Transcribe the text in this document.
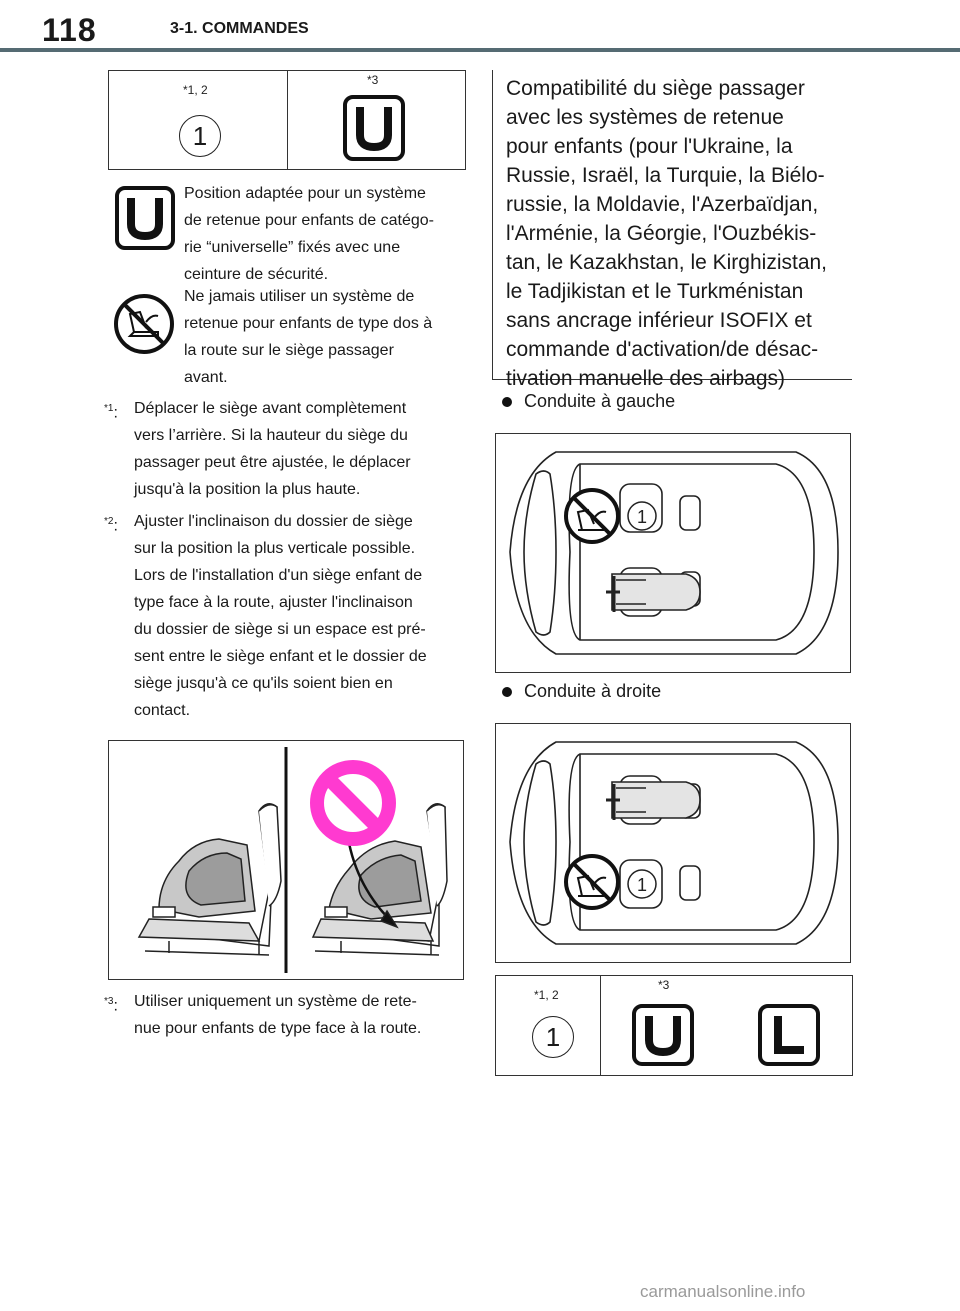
118	3-1. COMMANDES
*1, 2
*3
1
Position adaptée pour un système
de retenue pour enfants de catégo-
rie “universelle” fixés avec une
ceinture de sécurité.
Ne jamais utiliser un système de
retenue pour enfants de type dos à
la route sur le siège passager
avant.
$^{*1}$: Déplacer le siège avant complètement
vers l’arrière. Si la hauteur du siège du
passager peut être ajustée, le déplacer
jusqu'à la position la plus haute.
$^{*2}$: Ajuster l'inclinaison du dossier de siège
sur la position la plus verticale possible.
Lors de l'installation d'un siège enfant de
type face à la route, ajuster l'inclinaison
du dossier de siège si un espace est pré-
sent entre le siège enfant et le dossier de
siège jusqu'à ce qu'ils soient bien en
contact.
$^{*3}$: Utiliser uniquement un système de rete-
nue pour enfants de type face à la route.
Compatibilité du siège passager
avec les systèmes de retenue
pour enfants (pour l'Ukraine, la
Russie, Israël, la Turquie, la Biélo-
russie, la Moldavie, l'Azerbaïdjan,
l'Arménie, la Géorgie, l'Ouzbékis-
tan, le Kazakhstan, le Kirghizistan,
le Tadjikistan et le Turkménistan
sans ancrage inférieur ISOFIX et
commande d'activation/de désac-
tivation manuelle des airbags)
Conduite à gauche
1
Conduite à droite
1
*1, 2
*3
1
carmanualsonline.info
